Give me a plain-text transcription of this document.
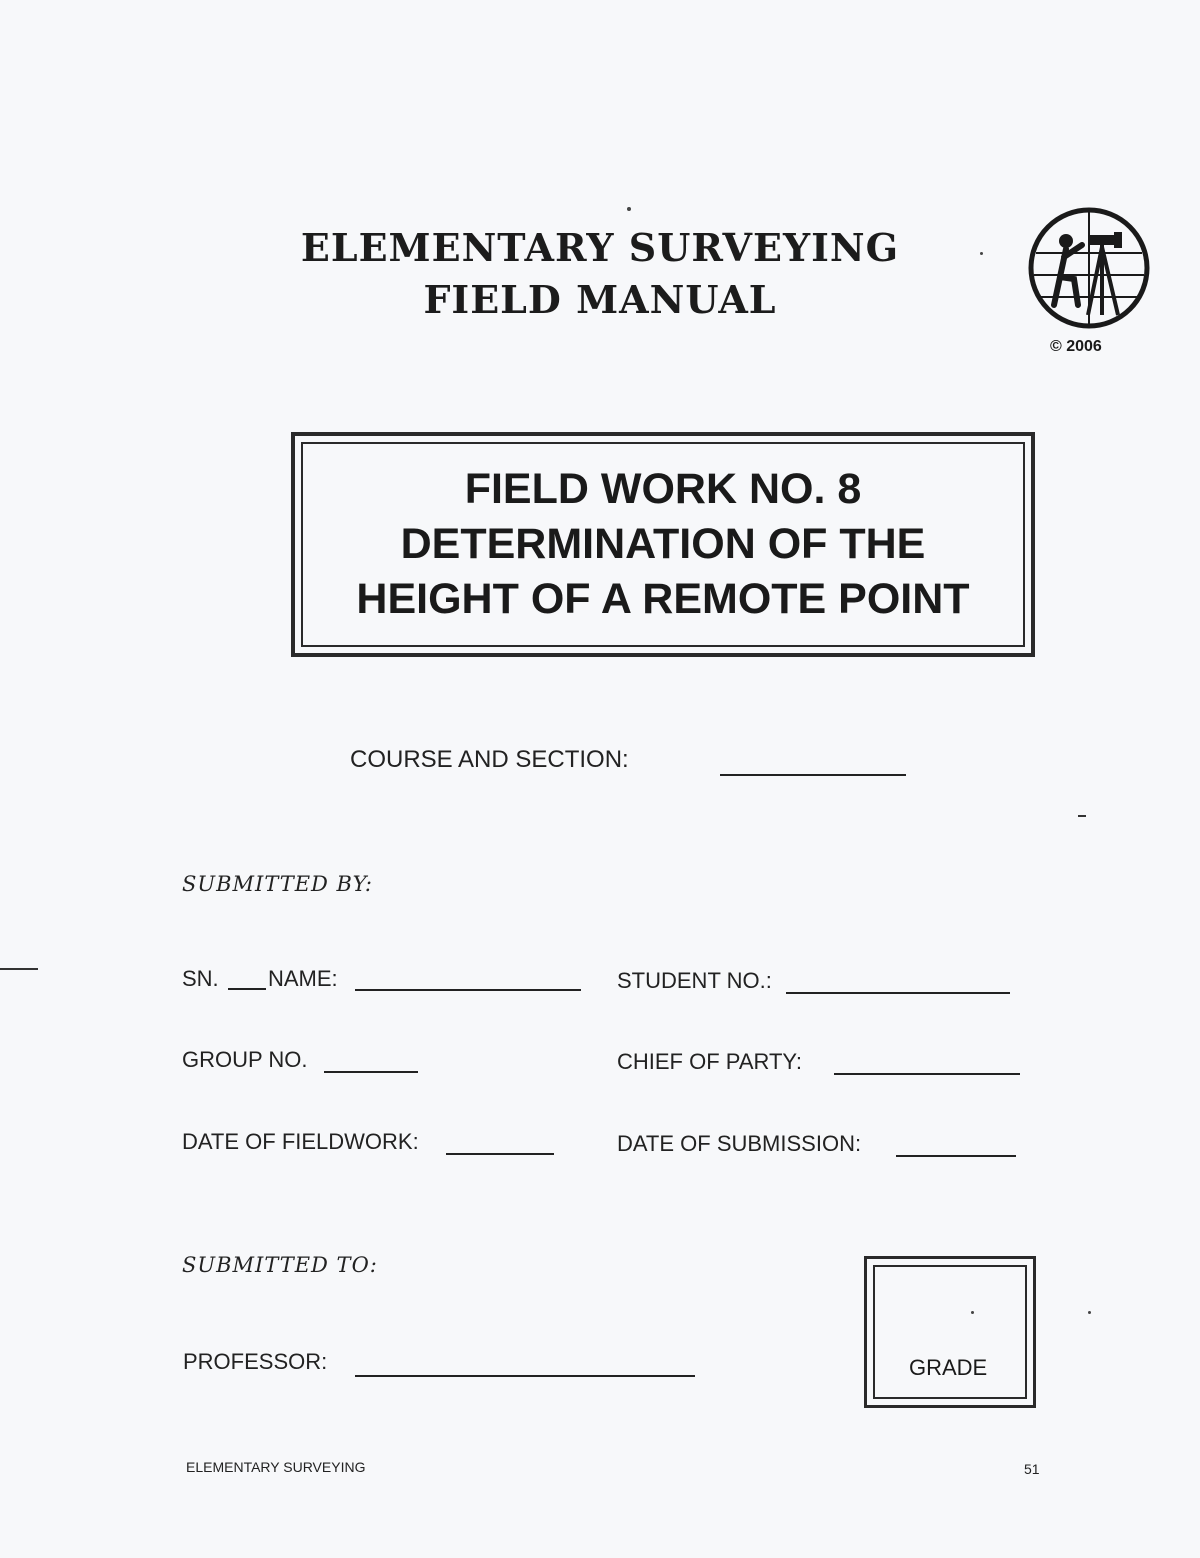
ELEMENTARY SURVEYING
FIELD MANUAL
© 2006
FIELD WORK NO. 8
DETERMINATION OF THE
HEIGHT OF A REMOTE POINT
COURSE AND SECTION:
SUBMITTED BY:
SN. NAME:	STUDENT NO.:
GROUP NO.	CHIEF OF PARTY:
DATE OF FIELDWORK:	DATE OF SUBMISSION:
SUBMITTED TO:
PROFESSOR:	GRADE
ELEMENTARY SURVEYING	51
